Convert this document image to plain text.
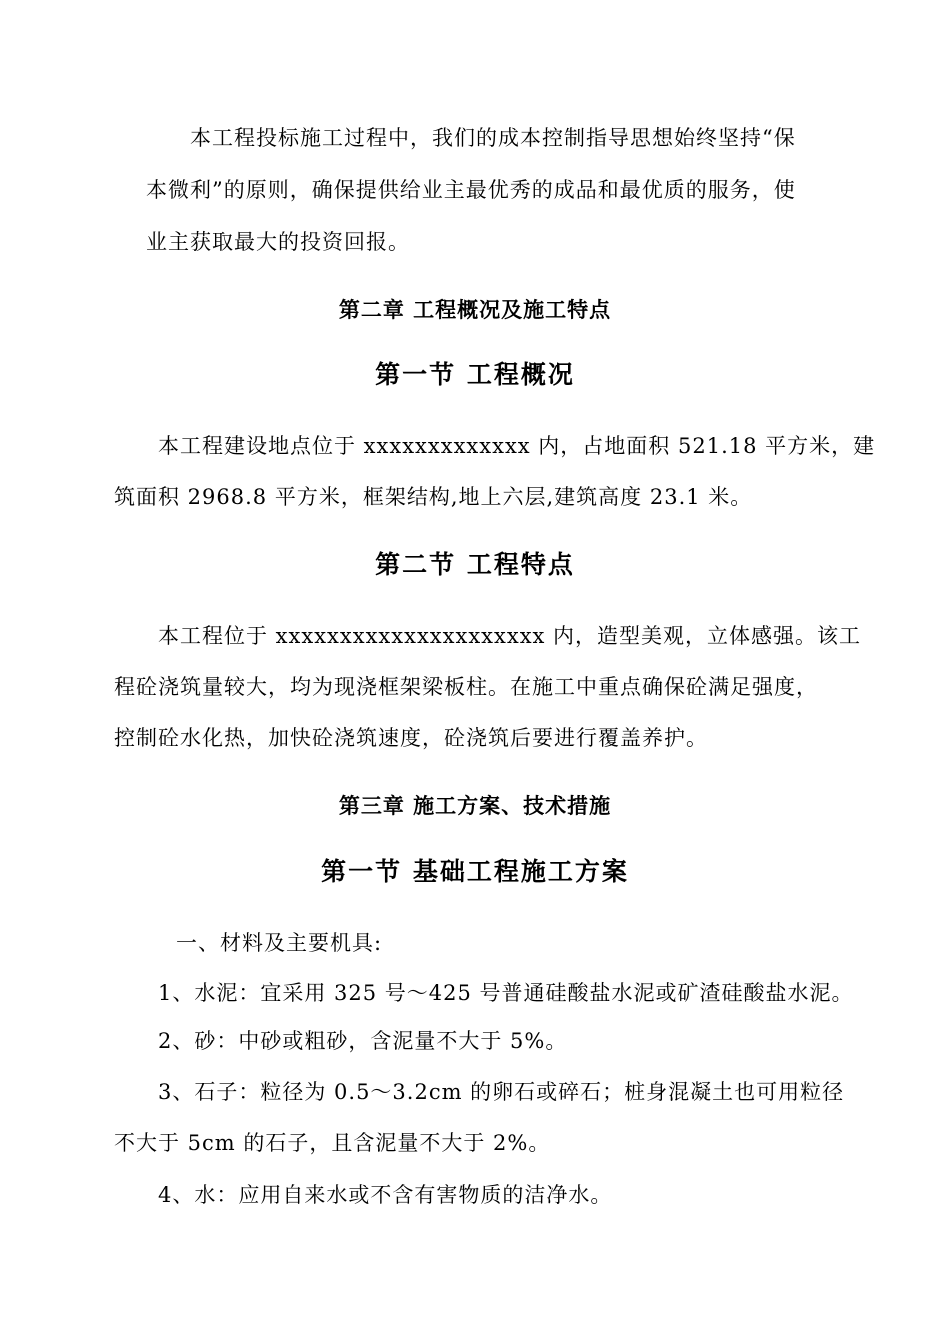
本工程投标施工过程中，我们的成本控制指导思想始终坚持“保
本微利”的原则，确保提供给业主最优秀的成品和最优质的服务，使
业主获取最大的投资回报。
第二章 工程概况及施工特点
第一节 工程概况
本工程建设地点位于 xxxxxxxxxxxxx 内，占地面积 521.18 平方米，建
筑面积 2968.8 平方米，框架结构,地上六层,建筑高度 23.1 米。
第二节 工程特点
本工程位于 xxxxxxxxxxxxxxxxxxxxx 内，造型美观，立体感强。该工
程砼浇筑量较大，均为现浇框架梁板柱。在施工中重点确保砼满足强度，
控制砼水化热，加快砼浇筑速度，砼浇筑后要进行覆盖养护。
第三章 施工方案、技术措施
第一节 基础工程施工方案
一、材料及主要机具:
1、水泥：宜采用 325 号～425 号普通硅酸盐水泥或矿渣硅酸盐水泥。
2、砂：中砂或粗砂，含泥量不大于 5%。
3、石子：粒径为 0.5～3.2cm 的卵石或碎石；桩身混凝土也可用粒径
不大于 5cm 的石子，且含泥量不大于 2%。
4、水：应用自来水或不含有害物质的洁净水。
